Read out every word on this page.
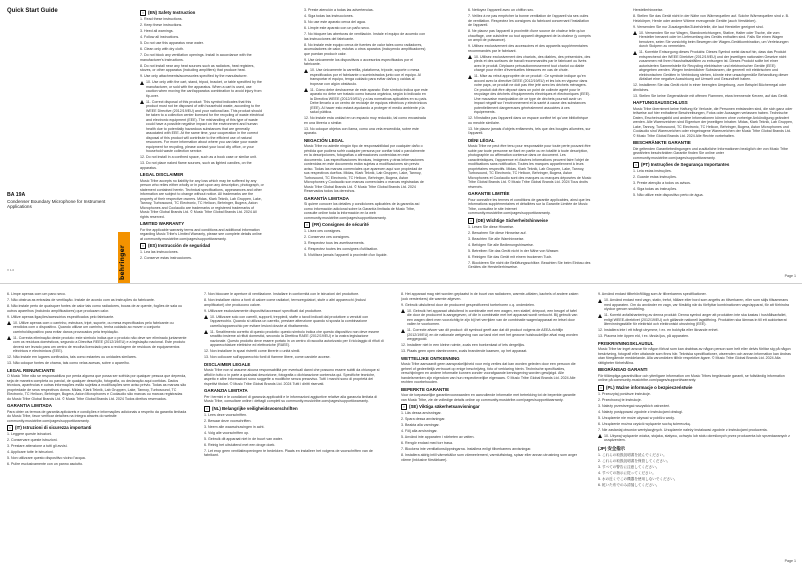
Quick Start Guide
BA 19A
Condenser Boundary Microphone for Instrument Applications
V 1.0	behringer
!	(EN) Safety Instruction

1. Read these instructions.

2. Keep these instructions.

3. Heed all warnings.

4. Follow all instructions.

5. Do not use this apparatus near water.

6. Clean only with dry cloth.

7. Do not block any ventilation openings. Install in accordance with the manufacturer's instructions.

8. Do not install near any heat sources such as radiators, heat registers, stoves, or other apparatus (including amplifiers) that produce heat.

9. Use only attachments/accessories specified by the manufacturer.

10. Use only with the cart, stand, tripod, bracket, or table specified by the manufacturer, or sold with the apparatus. When a cart is used, use caution when moving the cart/apparatus combination to avoid injury from tip-over.

11. Correct disposal of this product: This symbol indicates that this product must not be disposed of with household waste, according to the WEEE Directive (2012/19/EU) and your national law. This product should be taken to a collection center licensed for the recycling of waste electrical and electronic equipment (EEE). The mishandling of this type of waste could have a possible negative impact on the environment and human health due to potentially hazardous substances that are generally associated with EEE. At the same time, your cooperation in the correct disposal of this product will contribute to the efficient use of natural resources. For more information about where you can take your waste equipment for recycling, please contact your local city office, or your household waste collection service.

12. Do not install in a confined space, such as a book case or similar unit.

13. Do not place naked flame sources, such as lighted candles, on the apparatus.

LEGAL DISCLAIMER

Music Tribe accepts no liability for any loss which may be suffered by any person who relies either wholly or in part upon any description, photograph, or statement contained herein. Technical specifications, appearances and other information are subject to change without notice. All trademarks are the property of their respective owners. Midas, Klark Teknik, Lab Gruppen, Lake, Tannoy, Turbosound, TC Electronic, TC Helicon, Behringer, Bugera, Aston Microphones and Coolaudio are trademarks or registered trademarks of Music Tribe Global Brands Ltd. © Music Tribe Global Brands Ltd. 2024 All rights reserved.

LIMITED WARRANTY

For the applicable warranty terms and conditions and additional information regarding Music Tribe's Limited Warranty, please see complete details online at community.musictribe.com/pages/support#warranty.

!	(ES) Instrucción de seguridad

1. Lea las instrucciones.

2. Conserve estas instrucciones.

3. Preste atención a todas las advertencias.

4. Siga todas las instrucciones.

5. No use este aparato cerca del agua.

6. Limpie este aparato con un paño seco.

7. No bloquee las aberturas de ventilación. Instale el equipo de acuerdo con las instrucciones del fabricante.

8. No instale este equipo cerca de fuentes de calor tales como radiadores, acumuladores de calor, estufas u otros aparatos (incluyendo amplificadores) que puedan producir calor.

9. Use únicamente los dispositivos o accesorios especificados por el fabricante.

10. Use únicamente la carretilla, plataforma, trípode, soporte o mesa especificados por el fabricante o suministrados junto con el equipo. Al transportar el equipo, tenga cuidado para evitar daños y caídas al tropezar con algún obstáculo.

11. Cómo debe deshacerse de este aparato: Este símbolo indica que este aparato no debe ser tratado como basura orgánica, según lo indicado en la Directiva WEEE (2012/19/EU) y a las normativas aplicables en su país. Debe llevarlo a un centro de reciclaje de equipos eléctricos y electrónicos (EEE). Al hacer esto estará ayudando a proteger el medio ambiente y la salud pública.

12. No instale esta unidad en un espacio muy reducido, tal como encastrada en una librería o similar.

13. No coloque objetos con llama, como una vela encendida, sobre este aparato.

NEGACIÓN LEGAL

Music Tribe no admite ningún tipo de responsabilidad por cualquier daño o pérdida que pudiera sufrir cualquier persona por confiar total o parcialmente en la descripciones, fotografías o afirmaciones contenidas en este documento. Las especificaciones técnicas, imágenes y otras informaciones contenidas en este documento están sujetas a modificaciones sin previo aviso. Todas las marcas comerciales que aparecen aquí son propiedad de sus respectivos dueños. Midas, Klark Teknik, Lab Gruppen, Lake, Tannoy, Turbosound, TC Electronic, TC Helicon, Behringer, Bugera, Aston Microphones y Coolaudio son marcas comerciales o marcas registradas de Music Tribe Global Brands Ltd. © Music Tribe Global Brands Ltd. 2024 Reservados todos los derechos.

GARANTÍA LIMITADA

Si quiere conocer los detalles y condiciones aplicables de la garantía así como información adicional sobre la Garantía limitada de Music Tribe, consulte online toda la información en la web community.musictribe.com/pages/support#warranty.

!	(FR) Consignes de sécurité

1. Lisez ces consignes.

2. Conservez ces consignes.

3. Respectez tous les avertissements.

4. Respectez toutes les consignes d'utilisation.

5. N'utilisez jamais l'appareil à proximité d'un liquide.

6. Nettoyez l'appareil avec un chiffon sec.

7. Veillez à ne pas empêcher la bonne ventilation de l'appareil via ses ouïes de ventilation. Respectez les consignes du fabricant concernant l'installation de l'appareil.

8. Ne placez pas l'appareil à proximité d'une source de chaleur telle qu'un chauffage, une cuisinière ou tout appareil dégageant de la chaleur (y compris un ampli de puissance).

9. Utilisez exclusivement des accessoires et des appareils supplémentaires recommandés par le fabricant.

10. Utilisez exclusivement des chariots, des diables, des présentoirs, des pieds et des surfaces de travail recommandés par le fabricant ou livrés avec le produit. Déplacez précautionneusement tout chariot ou diable chargé pour éviter d'éventuelles blessures en cas de chute.

11. Mise au rebut appropriée de ce produit : Ce symbole indique qu'en accord avec la directive DEEE (2012/19/EU) et les lois en vigueur dans votre pays, ce produit ne doit pas être jeté avec les déchets ménagers. Ce produit doit être déposé dans un point de collecte agréé pour le recyclage des déchets d'équipements électriques et électroniques (EEE). Une mauvaise manipulation de ce type de déchets pourrait avoir un impact négatif sur l'environnement et la santé à cause des substances potentiellement dangereuses généralement associées à ces équipements.

12. N'installez pas l'appareil dans un espace confiné tel qu'une bibliothèque ou meuble similaire.

13. Ne placez jamais d'objets enflammés, tels que des bougies allumées, sur l'appareil.

DÉNI LÉGAL

Music Tribe ne peut être tenu pour responsable pour toute perte pouvant être subie par toute personne se fiant en partie ou en totalité à toute description, photographie ou affirmation contenue dans ce document. Les caractéristiques, l'apparence et d'autres informations peuvent faire l'objet de modifications sans notification. Toutes les marques appartiennent à leurs propriétaires respectifs. Midas, Klark Teknik, Lab Gruppen, Lake, Tannoy, Turbosound, TC Electronic, TC Helicon, Behringer, Bugera, Aston Microphones et Coolaudio sont des marques ou marques déposées de Music Tribe Global Brands Ltd. © Music Tribe Global Brands Ltd. 2024 Tous droits réservés.

GARANTIE LIMITÉE

Pour connaître les termes et conditions de garantie applicables, ainsi que les informations supplémentaires et détaillées sur la Garantie Limitée de Music Tribe, consultez le site Internet community.musictribe.com/pages/support#warranty.

!	(DE) Wichtige Sicherheitshinweise

1. Lesen Sie diese Hinweise.

2. Bewahren Sie diese Hinweise auf.

3. Beachten Sie alle Warnhinweise.

4. Befolgen Sie alle Bedienungshinweise.

5. Betreiben Sie das Gerät nicht in der Nähe von Wasser.

6. Reinigen Sie das Gerät mit einem trockenen Tuch.

7. Blockieren Sie nicht die Belüftungsschlitze. Beachten Sie beim Einbau des Gerätes die Herstellerhinweise.

Herstellerhinweise.

8. Stellen Sie das Gerät nicht in der Nähe von Wärmequellen auf. Solche Wärmequellen sind z. B. Heizkörper, Herde oder andere Wärme erzeugende Geräte (auch Verstärker).

9. Verwenden Sie nur Zusatzgeräte/Zubehörteile, die laut Hersteller geeignet sind.

10. Verwenden Sie nur Wagen, Standvorrichtungen, Stative, Halter oder Tische, die vom Hersteller benannt oder im Lieferumfang des Geräts enthalten sind. Falls Sie einen Wagen benutzen, seien Sie vorsichtig beim Bewegen der Wagen-Gerätkombination, um Verletzungen durch Stolpern zu vermeiden.

11. Korrekte Entsorgung dieses Produkts: Dieses Symbol weist darauf hin, dass das Produkt entsprechend der WEEE Direktive (2012/19/EU) und der jeweiligen nationalen Gesetze nicht zusammen mit Ihren Haushaltsabfällen zu entsorgen ist. Dieses Produkt sollte bei einer autorisierten Sammelstelle für Recycling elektrischer und elektronischer Geräte (EEE) abgegeben werden. Wegen bedenklicher Substanzen, die generell mit elektrischen und elektronischen Geräten in Verbindung stehen, könnte eine unsachgemäße Behandlung dieser Abfallart eine negative Auswirkung auf Umwelt und Gesundheit haben.

12. Installieren Sie das Gerät nicht in einer beengten Umgebung, zum Beispiel Bücherregal oder ähnliches.

13. Stellen Sie keine Gegenstände mit offenen Flammen, etwa brennende Kerzen, auf das Gerät.

HAFTUNGSAUSSCHLUSS

Music Tribe übernimmt keine Haftung für Verluste, die Personen entstanden sind, die sich ganz oder teilweise auf hier enthaltene Beschreibungen, Fotos oder Aussagen verlassen haben. Technische Daten, Erscheinungsbild und andere Informationen können ohne vorherige Ankündigung geändert werden. Alle Warenzeichen sind Eigentum der jeweiligen Inhaber. Midas, Klark Teknik, Lab Gruppen, Lake, Tannoy, Turbosound, TC Electronic, TC Helicon, Behringer, Bugera, Aston Microphones und Coolaudio sind Warenzeichen oder eingetragene Warenzeichen der Music Tribe Global Brands Ltd. © Music Tribe Global Brands Ltd. 2024 Alle Rechte vorbehalten.

BESCHRÄNKTE GARANTIE

Die geltenden Garantiebedingungen und zusätzliche Informationen bezüglich der von Music Tribe gewährten beschränkten Garantie finden Sie online unter community.musictribe.com/pages/support#warranty.

!	(PT) Instruções de Segurança Importantes

1. Leia estas instruções.

2. Guarde estas instruções.

3. Preste atenção a todos os avisos.

4. Siga todas as instruções.

5. Não utilize este dispositivo perto de água.

Page 1

6. Limpe apenas com um pano seco.

7. Não obstrua as entradas de ventilação. Instale de acordo com as instruções do fabricante.

8. Não instale perto de quaisquer fontes de calor tais como radiadores, bocas de ar quente, fogões de sala ou outros aparelhos (incluindo amplificadores) que produzam calor.

9. Utilize apenas ligações/acessórios especificados pelo fabricante.

10. Utilize apenas com o carrinho, estrutura, tripé, suporte, ou mesa especificados pelo fabricante ou vendidos com o dispositivo. Quando utilizar um carrinho, tenha cuidado ao mover o conjunto carrinho/dispositivo para evitar danos provocados pela terpidação.

11. Correcta eliminação deste produto: este símbolo indica que o produto não deve ser eliminado juntamente com os resíduos domésticos, segundo a Directiva REEE (2012/19/EU) e a legislação nacional. Este produto deverá ser levado para um centro de recolha licenciado para a reciclagem de resíduos de equipamentos eléctricos e electrónicos (EEE).

12. Não instale em lugares confinados, tais como estantes ou unidades similares.

13. Não coloque fontes de chama, tais como velas acesas, sobre o aparelho.

LEGAL RENUNCIANTE

O Music Tribe não se responsabiliza por perda alguma que possa ser sofrida por qualquer pessoa que dependa, seja de maneira completa ou parcial, de qualquer descrição, fotografia, ou declaração aqui contidas. Dados técnicos, aparências e outras informações estão sujeitas a modificações sem aviso prévio. Todas as marcas são propriedade de seus respectivos donos. Midas, Klark Teknik, Lab Gruppen, Lake, Tannoy, Turbosound, TC Electronic, TC Helicon, Behringer, Bugera, Aston Microphones e Coolaudio são marcas ou marcas registradas do Music Tribe Global Brands Ltd. © Music Tribe Global Brands Ltd. 2024 Todos direitos reservados.

GARANTIA LIMITADA

Para obter os termos de garantia aplicáveis e condições e informações adicionais a respeito da garantia limitada do Music Tribe, favor verificar detalhes na íntegra através do website community.musictribe.com/pages/support#warranty.

!	(IT) Istruzioni di sicurezza importanti

1. Leggere queste istruzioni.

2. Conservare queste istruzioni.

3. Prestare attenzione a tutti gli avvisi.

4. Applicare tutte le istruzioni.

5. Non utilizzare questo dispositivo vicino l'acqua.

6. Pulire esclusivamente con un panno asciutto.

7. Non bloccare le aperture di ventilazione. Installare in conformità con le istruzioni del produttore.

8. Non installare vicino a fonti di calore come radiatori, termoregolatori, stufe o altri apparecchi (inclusi amplificatori) che producono calore.

9. Utilizzare esclusivamente dispositivi/accessori specificati dal produttore.

10. Utilizzare solo con carrelli, supporti, treppiedi, staffe o tavoli indicati dal produttore o venduti con l'apparecchio. Quando si utilizza un carrello, prestare attenzione quando si sposta la combinazione carrello/apparecchio per evitare lesioni dovute al ribaltamento.

11. Smaltimento corretto di questo prodotto: questo simbolo indica che questo dispositivo non deve essere smaltito insieme ai rifiuti domestici, secondo la Direttiva RAEE (2012/19/EU) e la vostra legislazione nazionale. Questo prodotto deve essere portato in un centro di raccolta autorizzato per il riciclaggio di rifiuti di apparecchiature elettriche ed elettroniche (RAEE).

12. Non installare in spazi ristretti come librerie o unità simili.

13. Non collocare sull'apparecchio fonti di fiamme libere, come candele accese.

DISCLAIMER LEGALE

Music Tribe non si assume alcuna responsabilità per eventuali danni che possono essere subiti da chiunque si affidi in tutto o in parte a qualsiasi descrizione, fotografia o dichiarazione contenuta qui. Specifiche tecniche, aspetto e altre informazioni sono soggette a modifiche senza preavviso. Tutti i marchi sono di proprietà dei rispettivi titolari. © Music Tribe Global Brands Ltd. 2024 Tutti i diritti riservati.

GARANZIA LIMITATA

Per i termini e le condizioni di garanzia applicabili e le informazioni aggiuntive relative alla garanzia limitata di Music Tribe, consultare online i dettagli completi su community.musictribe.com/pages/support#warranty.

!	(NL) Belangrijke veiligheidsvoorschriften

1. Lees deze voorschriften.

2. Bewaar deze voorschriften.

3. Neem alle waarschuwingen in acht.

4. Volg alle voorschriften op.

5. Gebruik dit apparaat niet in de buurt van water.

6. Reinig het uitsluitend met een droge doek.

7. Let erop geen ventilatieopeningen te bedekken. Plaats en installeer het volgens de voorschriften van de fabrikant.

8. Het apparaat mag niet worden geplaatst in de buurt van radiatoren, warmte-uitlaten, kachels of andere zaken (ook versterkers) die warmte afgeven.

9. Gebruik uitsluitend door de producent gespecificeerd toebehoren c.q. onderdelen.

10. Gebruik het apparaat uitsluitend in combinatie met een wagen, een statief, driepoot, een beugel of tafel die door de producent is aangegeven, of die in combinatie met het apparaat wordt verkocht. Bij gebruik van een wagen dient men voorzichtig te zijn bij het verrijden van de combinatie wagen/apparaat en letsel door vallen te voorkomen.

11. Correcte afvoer van dit product: dit symbool geeft aan dat dit product volgens de AEEA-richtlijn (2012/19/EU) en de nationale wetgeving van uw land niet met het gewone huishoudelijke afval mag worden weggegooid.

12. Installeer niet in een kleine ruimte, zoals een boekenkast of iets dergelijks.

13. Plaats geen open vlambronnen, zoals brandende kaarsen, op het apparaat.

WETTELIJKE ONTKENNING

Music Tribe aanvaardt geen aansprakelijkheid voor enig verlies dat kan worden geleden door een persoon die geheel of gedeeltelijk vertrouwt op enige beschrijving, foto of verklaring hierin. Technische specificaties, verschijningen en andere informatie kunnen zonder voorafgaande kennisgeving worden gewijzigd. Alle handelsmerken zijn eigendom van hun respectievelijke eigenaars. © Music Tribe Global Brands Ltd. 2024 Alle rechten voorbehouden.

BEPERKTE GARANTIE

Voor de toepasselijke garantievoorwaarden en aanvullende informatie met betrekking tot de beperkte garantie van Music Tribe, zie de volledige details online op community.musictribe.com/pages/support#warranty.

!	(SE) Viktiga säkerhetsanvisningar

1. Läs dessa anvisningar.

2. Spara dessa anvisningar.

3. Beakta alla varningar.

4. Följ alla anvisningar.

5. Använd inte apparaten i närheten av vatten.

6. Rengör endast med torr trasa.

7. Blockera inte ventilationsöppningarna. Installera enligt tillverkarens anvisningar.

8. Installera aldrig intill värmekällor som värmeelement, varmluftsintag, spisar eller annan utrustning som avger värme (inklusive förstärkare).

9. Använd endast tillbehör/tillägg som är tillverkarens specifikationer.

10. Använd endast med vagn, stativ, trefot, hållare eller bord som angetts av tillverkaren, eller som säljs tillsammans med apparaten. Om du använder en vagn, var försiktig när du förflyttar kombinationen vagn/apparat, för att förhindra olyckor genom snubbling.

11. Korrekt avfallshantering av denna produkt: Denna symbol anger att produkten inte ska kastas i hushållsavfallet, enligt WEEE-direktivet (2012/19/EU) och gällande nationell lagstiftning. Produkten ska lämnas in till ett auktoriserat återvinningsställe för elektriskt och elektroniskt utrustning (EEE).

12. Installera inte i ett trångt utrymme, t ex. en bokhylla eller liknande enhet.

13. Placera inte öppen eld, t ex. tända ljus, på apparaten.

FRISKRIVNINGSKLAUSUL

Music Tribe tar inget ansvar för någon förlust som kan drabbas av någon person som helt eller delvis förlitar sig på någon beskrivning, fotografi eller uttalande som finns här. Tekniska specifikationer, utseenden och annan information kan ändras utan föregående meddelande. Alla varumärken tillhör respektive ägare. © Music Tribe Global Brands Ltd. 2024 Alla rättigheter förbehållna.

BEGRÄNSAD GARANTI

För tillämpliga garantivillkor och ytterligare information om Music Tribes begränsade garanti, se fullständig information online på community.musictribe.com/pages/support#warranty.

!	(PL) Ważne informacje o bezpieczeństwie

1. Przeczytaj poniższe instrukcje.

2. Przechowuj te instrukcje.

3. Należy przestrzegać wszystkich ostrzeżeń.

4. Należy postępować zgodnie z instrukcjami obsługi.

5. Urządzenie nie może używać w pobliżu wody.

6. Urządzenie można czyścić wyłącznie suchą ściereczką.

7. Nie zasłaniaj otworów wentylacyjnych. Urządzenie należy instalować zgodnie z instrukcjami producenta.

10. Używaj wyłącznie wózka, stojaka, statywu, uchwytu lub stołu określonych przez producenta lub sprzedawanych z urządzeniem.

(JP) 安全指示

1. これらの取扱説明書を読んでください。

2. これらの取扱説明書を保管してください。

3. すべての警告に注意してください。

4. すべての指示に従ってください。

5. 水の近くでこの機器を使用しないでください。

6. 乾いた布でのみ清掃してください。

Page 1
